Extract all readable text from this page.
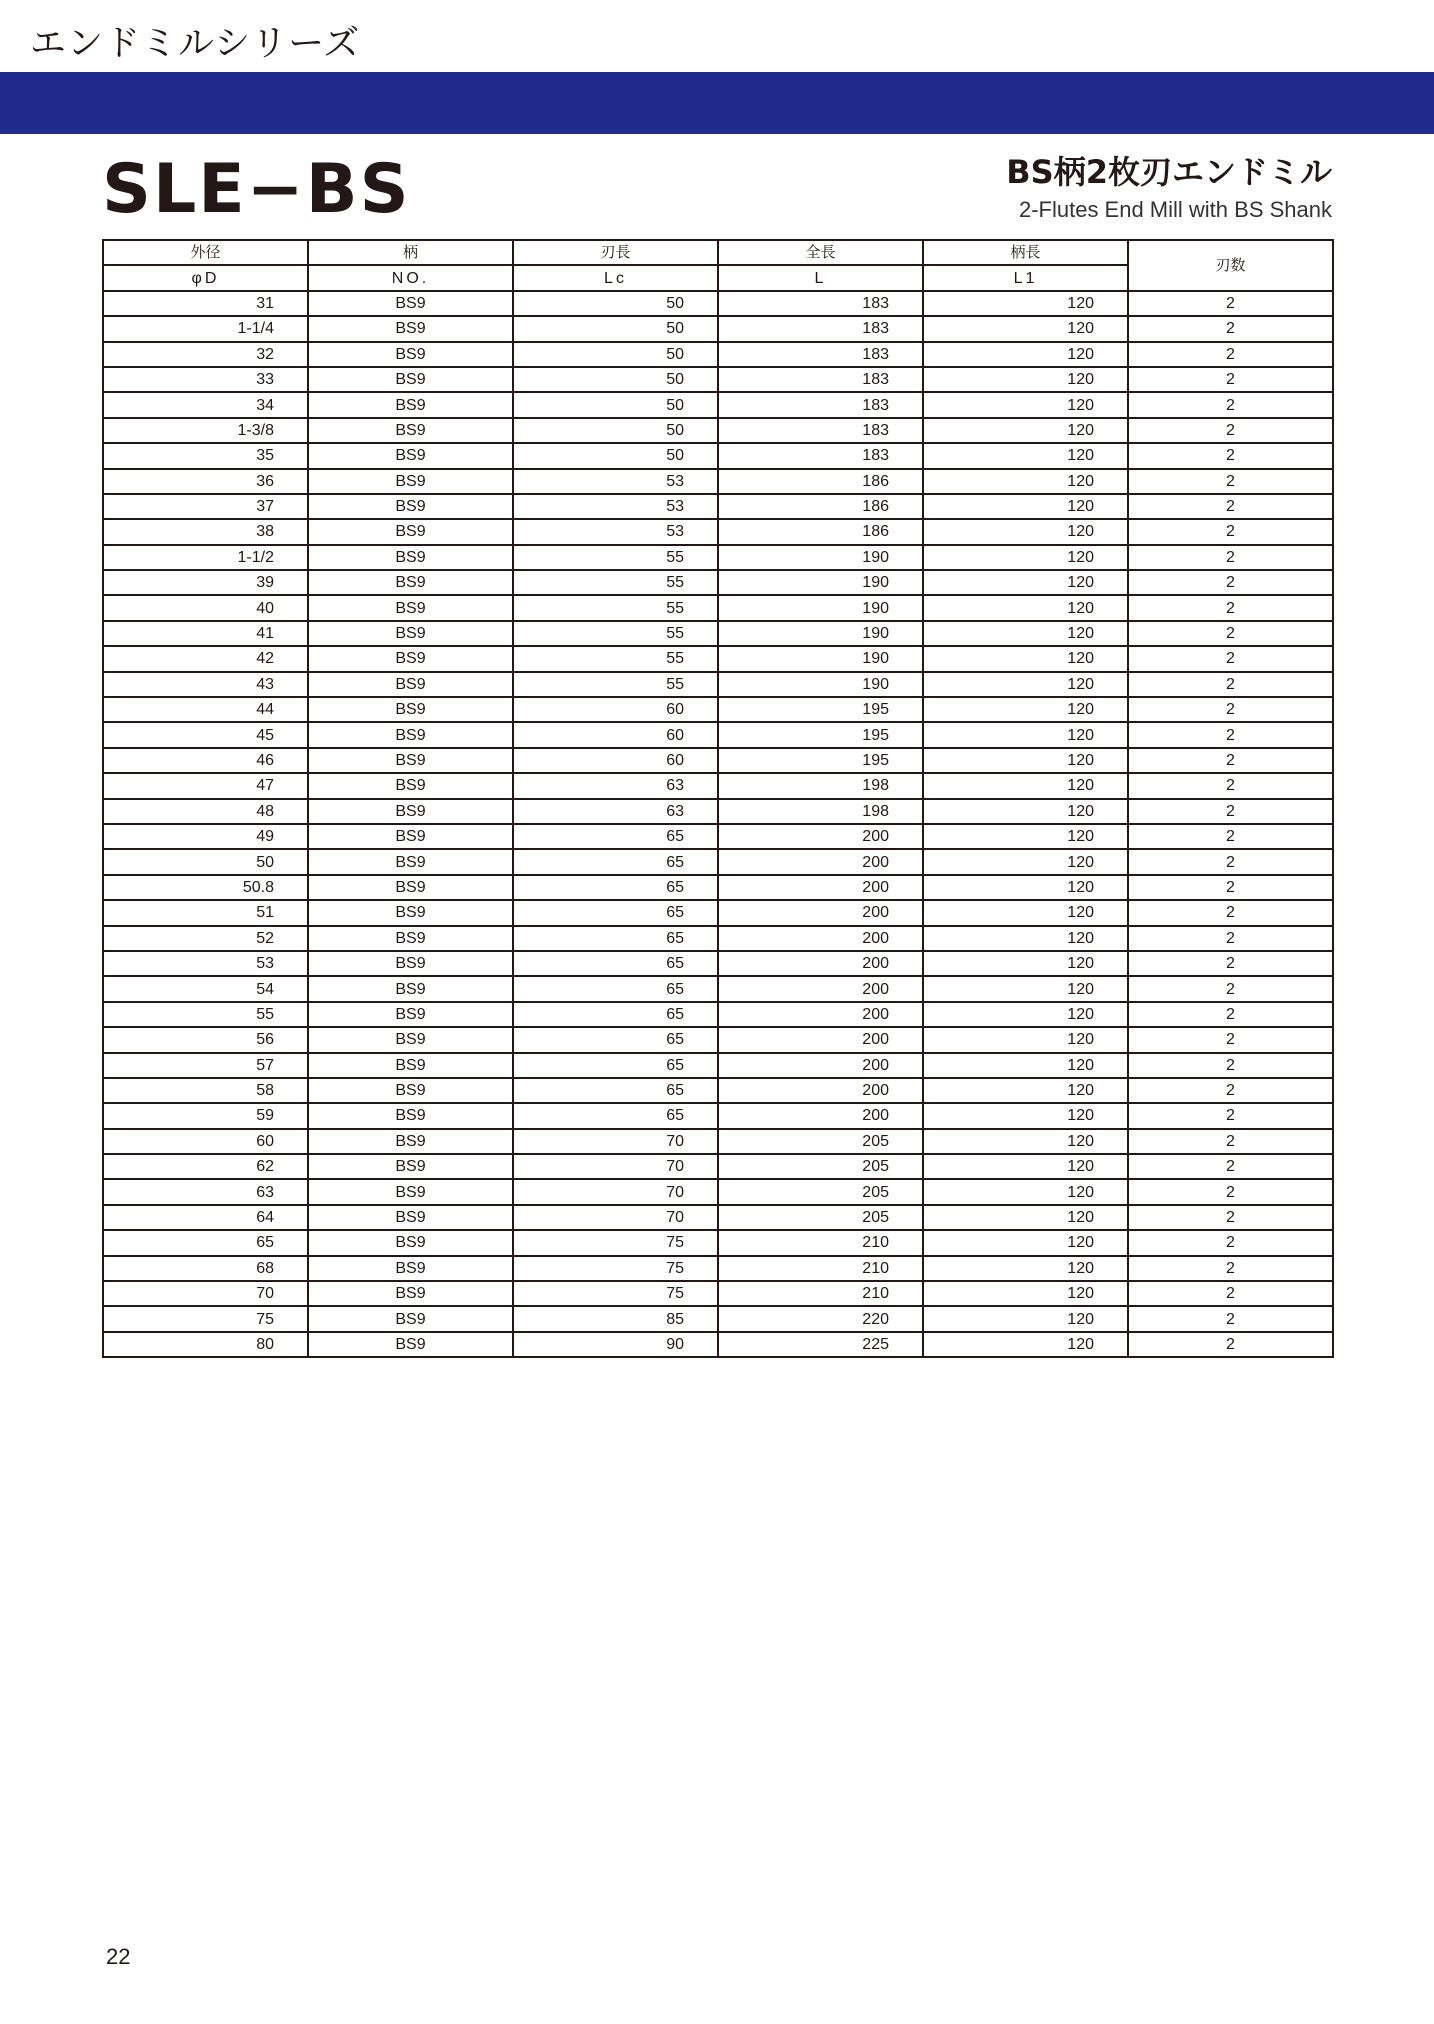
エンドミルシリーズ
SLE−BS	BS柄2枚刃エンドミル
2-Flutes End Mill with BS Shank
外径	柄	刃長	全長	柄長	刃数
φD	NO.	Lc	L	L1	
31	BS9	50	183	120	2
1-1/4	BS9	50	183	120	2
32	BS9	50	183	120	2
33	BS9	50	183	120	2
34	BS9	50	183	120	2
1-3/8	BS9	50	183	120	2
35	BS9	50	183	120	2
36	BS9	53	186	120	2
37	BS9	53	186	120	2
38	BS9	53	186	120	2
1-1/2	BS9	55	190	120	2
39	BS9	55	190	120	2
40	BS9	55	190	120	2
41	BS9	55	190	120	2
42	BS9	55	190	120	2
43	BS9	55	190	120	2
44	BS9	60	195	120	2
45	BS9	60	195	120	2
46	BS9	60	195	120	2
47	BS9	63	198	120	2
48	BS9	63	198	120	2
49	BS9	65	200	120	2
50	BS9	65	200	120	2
50.8	BS9	65	200	120	2
51	BS9	65	200	120	2
52	BS9	65	200	120	2
53	BS9	65	200	120	2
54	BS9	65	200	120	2
55	BS9	65	200	120	2
56	BS9	65	200	120	2
57	BS9	65	200	120	2
58	BS9	65	200	120	2
59	BS9	65	200	120	2
60	BS9	70	205	120	2
62	BS9	70	205	120	2
63	BS9	70	205	120	2
64	BS9	70	205	120	2
65	BS9	75	210	120	2
68	BS9	75	210	120	2
70	BS9	75	210	120	2
75	BS9	85	220	120	2
80	BS9	90	225	120	2
22
